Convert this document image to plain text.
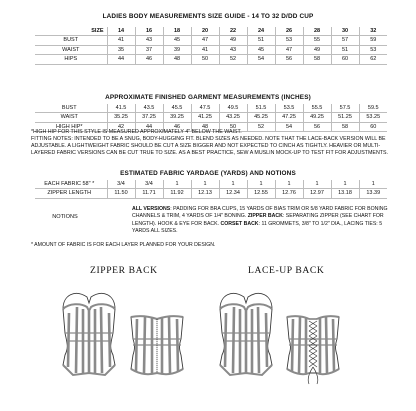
LADIES BODY MEASUREMENTS SIZE GUIDE - 14 TO 32 D/DD CUP
SIZE	14	16	18	20	22	24	26	28	30	32
BUST	41	43	45	47	49	51	53	55	57	59
WAIST	35	37	39	41	43	45	47	49	51	53
HIPS	44	46	48	50	52	54	56	58	60	62
APPROXIMATE FINISHED GARMENT MEASUREMENTS (INCHES)
BUST	41.5	43.5	45.5	47.5	49.5	51.5	53.5	55.5	57.5	59.5
WAIST	35.25	37.25	39.25	41.25	43.25	45.25	47.25	49.25	51.25	53.25
HIGH HIP*	42	44	46	48	50	52	54	56	58	60
*HIGH HIP FOR THIS STYLE IS MEASURED APPROXIMATELY 4" BELOW THE WAIST.
FITTING NOTES: INTENDED TO BE A SNUG, BODY-HUGGING FIT. BLEND SIZES AS NEEDED. NOTE THAT THE LACE-BACK VERSION WILL BE ADJUSTABLE. A LIGHTWEIGHT FABRIC SHOULD BE CUT A SIZE BIGGER AND NOT EXPECTED TO CINCH AS TIGHTLY. HEAVIER OR MULTI-LAYERED FABRIC VERSIONS CAN BE CUT TRUE TO SIZE. AS A BEST PRACTICE, SEW A MUSLIN MOCK-UP TO TEST FIT FOR ADJUSTMENTS.
ESTIMATED FABRIC YARDAGE (YARDS) AND NOTIONS
EACH FABRIC 58" *	3/4	3/4	1	1	1	1	1	1	1	1
ZIPPER LENGTH	11.50	11.71	11.92	12.13	12.34	12.55	12.76	12.97	13.18	13.39
NOTIONS
ALL VERSIONS: PADDING FOR BRA CUPS, 15 YARDS OF BIAS TRIM OR 5/8 YARD FABRIC FOR BONING CHANNELS & TRIM, 4 YARDS OF 1/4" BONING. ZIPPER BACK: SEPARATING ZIPPER (SEE CHART FOR LENGTH). HOOK & EYE FOR BACK. CORSET BACK: 11 GROMMETS, 3/8" TO 1/2" DIA., LACING TIES: 5 YARDS ALL SIZES.
* AMOUNT OF FABRIC IS FOR EACH LAYER PLANNED FOR YOUR DESIGN.
ZIPPER BACK	LACE-UP BACK
